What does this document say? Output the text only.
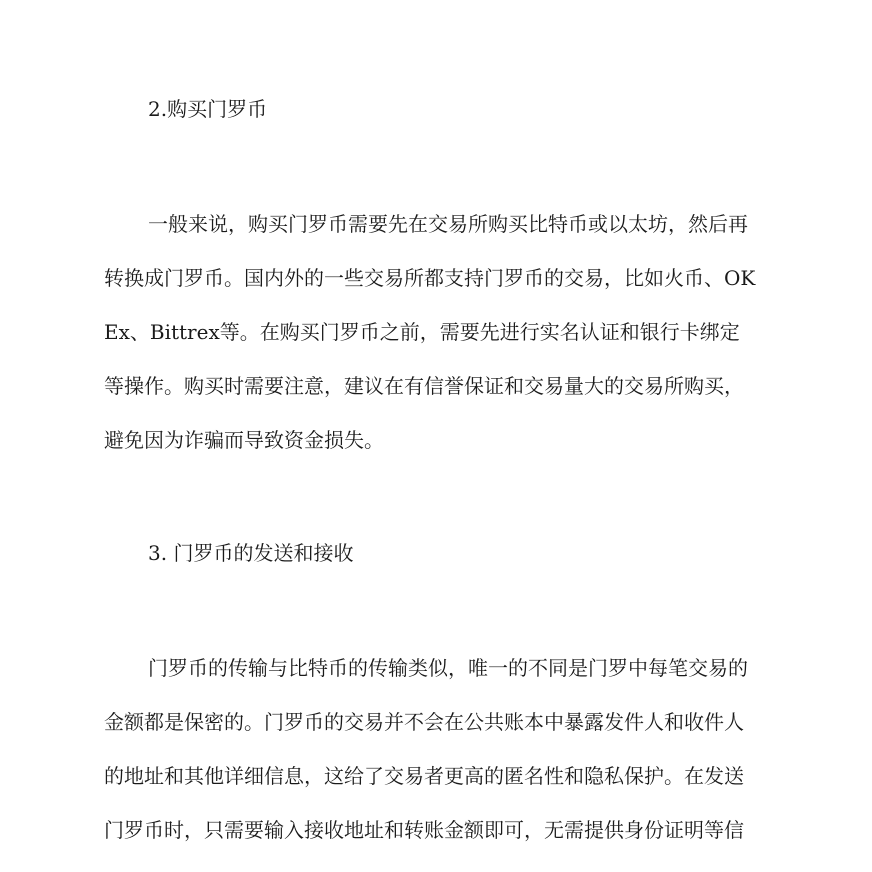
2.购买门罗币
一般来说，购买门罗币需要先在交易所购买比特币或以太坊，然后再
转换成门罗币。国内外的一些交易所都支持门罗币的交易，比如火币、OK
Ex、Bittrex等。在购买门罗币之前，需要先进行实名认证和银行卡绑定
等操作。购买时需要注意，建议在有信誉保证和交易量大的交易所购买，
避免因为诈骗而导致资金损失。
3. 门罗币的发送和接收
门罗币的传输与比特币的传输类似，唯一的不同是门罗中每笔交易的
金额都是保密的。门罗币的交易并不会在公共账本中暴露发件人和收件人
的地址和其他详细信息，这给了交易者更高的匿名性和隐私保护。在发送
门罗币时，只需要输入接收地址和转账金额即可，无需提供身份证明等信
